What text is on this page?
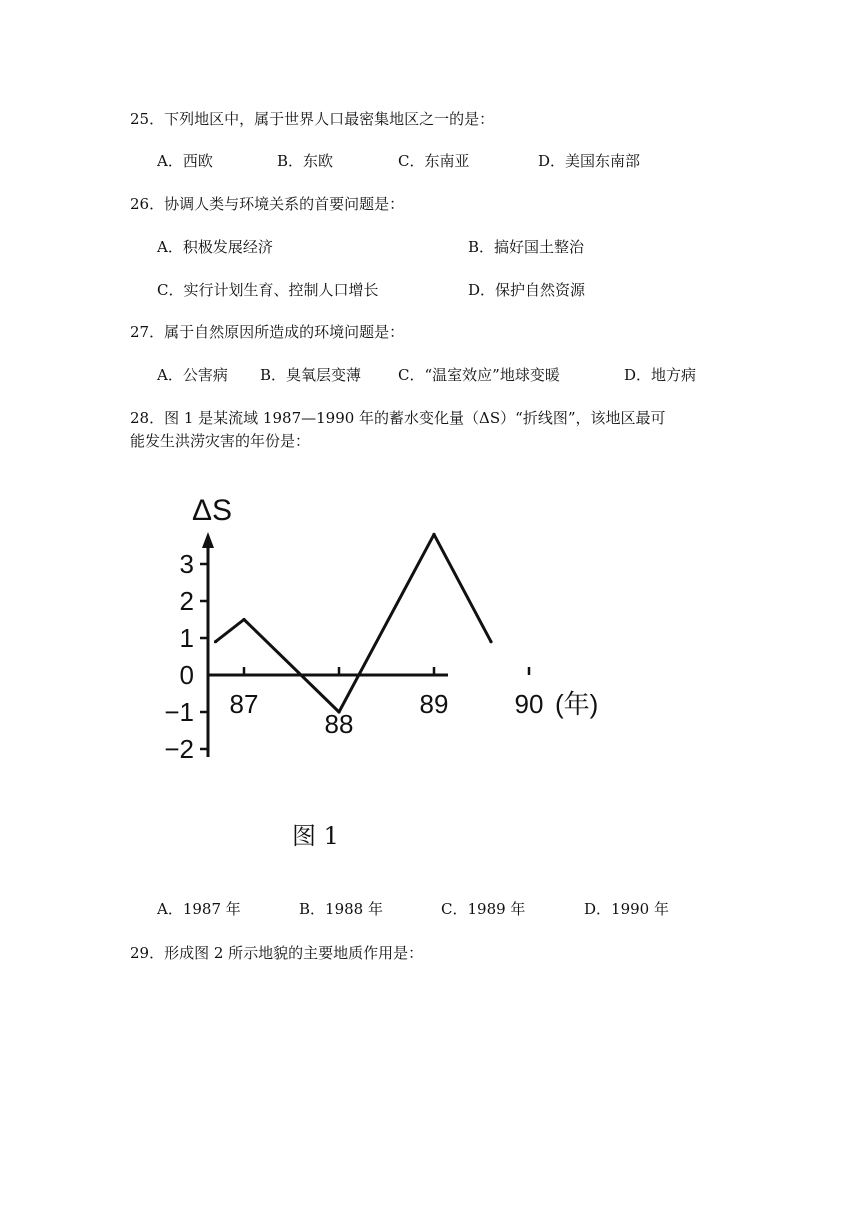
25．下列地区中，属于世界人口最密集地区之一的是：
A．西欧	B．东欧	C．东南亚	D．美国东南部
26．协调人类与环境关系的首要问题是：
A．积极发展经济	B．搞好国土整治
C．实行计划生育、控制人口增长	D．保护自然资源
27．属于自然原因所造成的环境问题是：
A．公害病 B．臭氧层变薄 C．“温室效应”地球变暖	D．地方病
28．图 1 是某流域 1987—1990 年的蓄水变化量（ΔS）“折线图”，该地区最可
能发生洪涝灾害的年份是：
3
2
1
0
−1
−2
87
88
89	90 (年)
ΔS
图 1
A．1987 年	B．1988 年	C．1989 年	D．1990 年
29．形成图 2 所示地貌的主要地质作用是：
